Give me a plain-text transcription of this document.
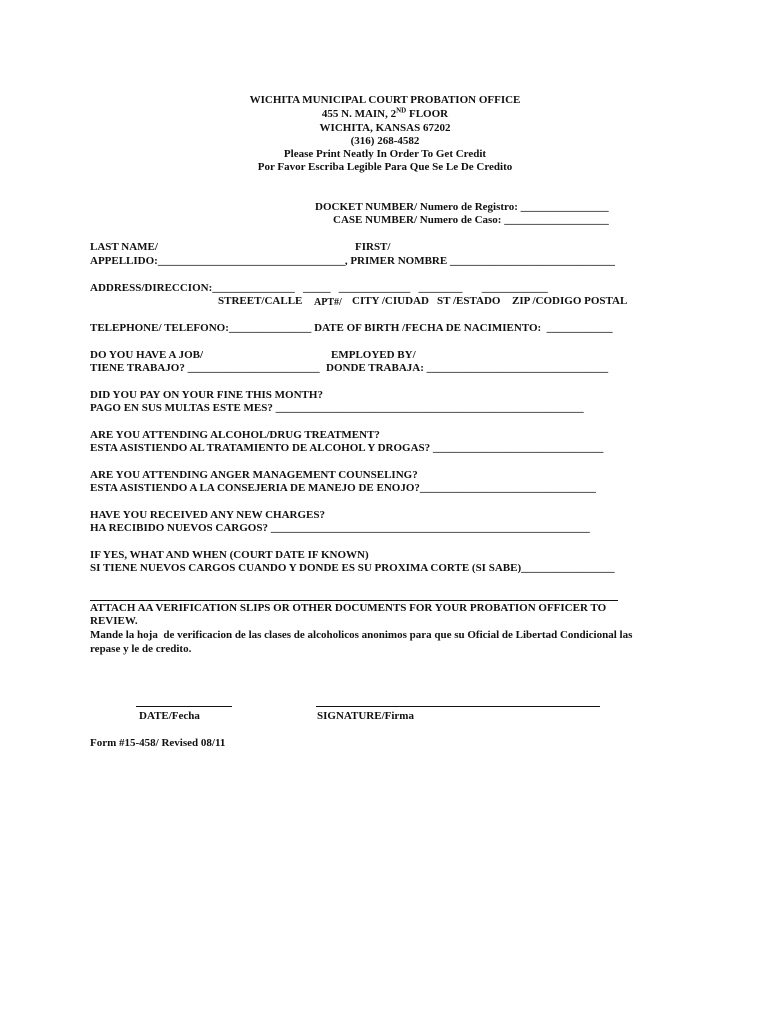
WICHITA MUNICIPAL COURT PROBATION OFFICE
455 N. MAIN, 2ND FLOOR
WICHITA, KANSAS 67202
(316) 268-4582
Please Print Neatly In Order To Get Credit
Por Favor Escriba Legible Para Que Se Le De Credito
DOCKET NUMBER/ Numero de Registro: ________________
CASE NUMBER/ Numero de Caso: ___________________
LAST NAME/	FIRST/
APPELLIDO:__________________________________, PRIMER NOMBRE ______________________________
ADDRESS/DIRECCION:_______________   _____   _____________   ________       ____________
STREET/CALLE APT#/ CITY /CIUDAD ST /ESTADO ZIP /CODIGO POSTAL
TELEPHONE/ TELEFONO:_______________ DATE OF BIRTH /FECHA DE NACIMIENTO:  ____________
DO YOU HAVE A JOB/	EMPLOYED BY/
TIENE TRABAJO? ________________________ DONDE TRABAJA: _________________________________
DID YOU PAY ON YOUR FINE THIS MONTH?
PAGO EN SUS MULTAS ESTE MES? ________________________________________________________
ARE YOU ATTENDING ALCOHOL/DRUG TREATMENT?
ESTA ASISTIENDO AL TRATAMIENTO DE ALCOHOL Y DROGAS? _______________________________
ARE YOU ATTENDING ANGER MANAGEMENT COUNSELING?
ESTA ASISTIENDO A LA CONSEJERIA DE MANEJO DE ENOJO?________________________________
HAVE YOU RECEIVED ANY NEW CHARGES?
HA RECIBIDO NUEVOS CARGOS? __________________________________________________________
IF YES, WHAT AND WHEN (COURT DATE IF KNOWN)
SI TIENE NUEVOS CARGOS CUANDO Y DONDE ES SU PROXIMA CORTE (SI SABE)_________________
ATTACH AA VERIFICATION SLIPS OR OTHER DOCUMENTS FOR YOUR PROBATION OFFICER TO
REVIEW.
Mande la hoja  de verificacion de las clases de alcoholicos anonimos para que su Oficial de Libertad Condicional las
repase y le de credito.
DATE/Fecha	SIGNATURE/Firma
Form #15-458/ Revised 08/11
